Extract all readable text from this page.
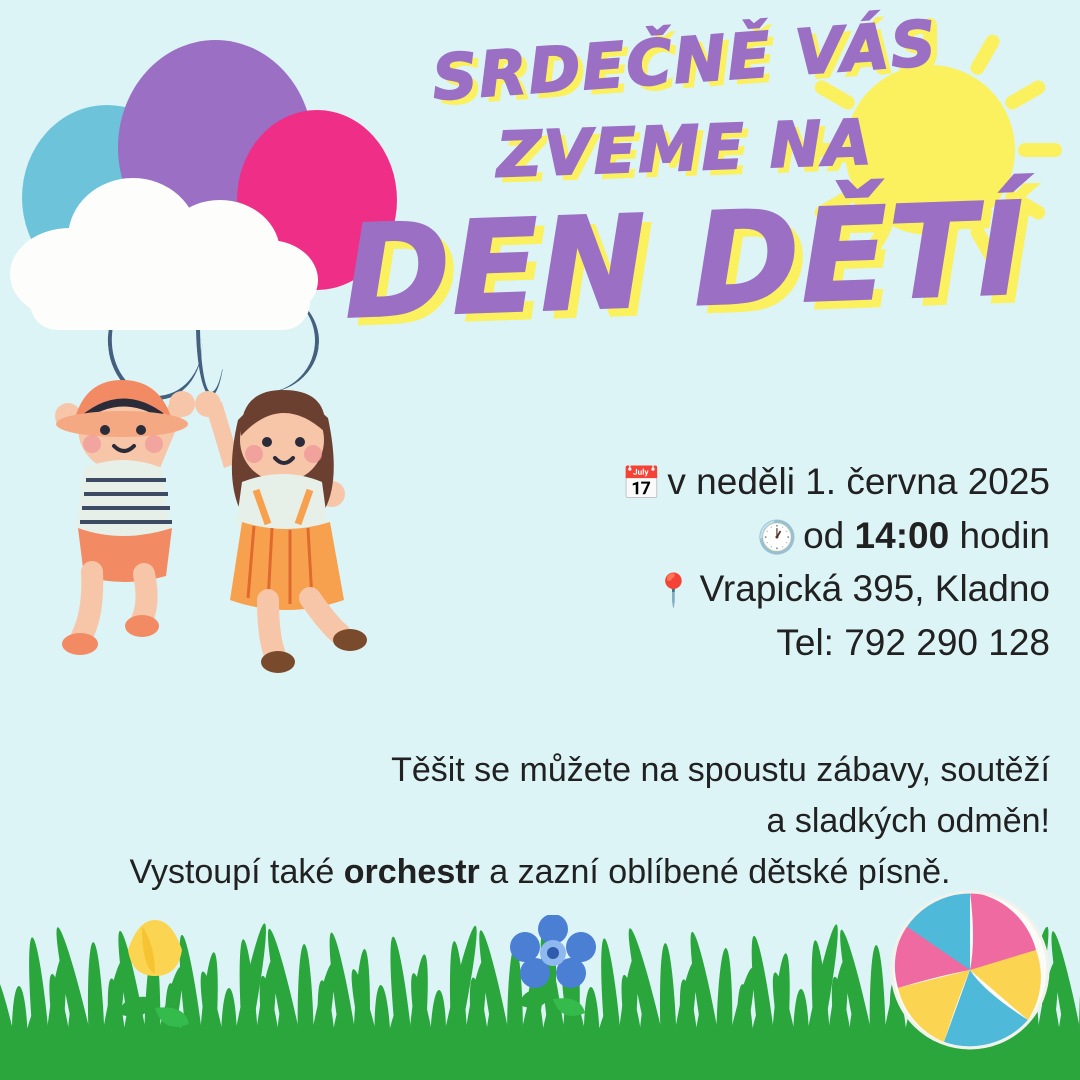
SRDEČNĚ VÁS
ZVEME NA
DEN DĚTÍ
📅 v neděli 1. června 2025
🕐 od 14:00 hodin
📍 Vrapická 395, Kladno
Tel: 792 290 128
Těšit se můžete na spoustu zábavy, soutěží
a sladkých odměn!
Vystoupí také orchestr a zazní oblíbené dětské písně.
